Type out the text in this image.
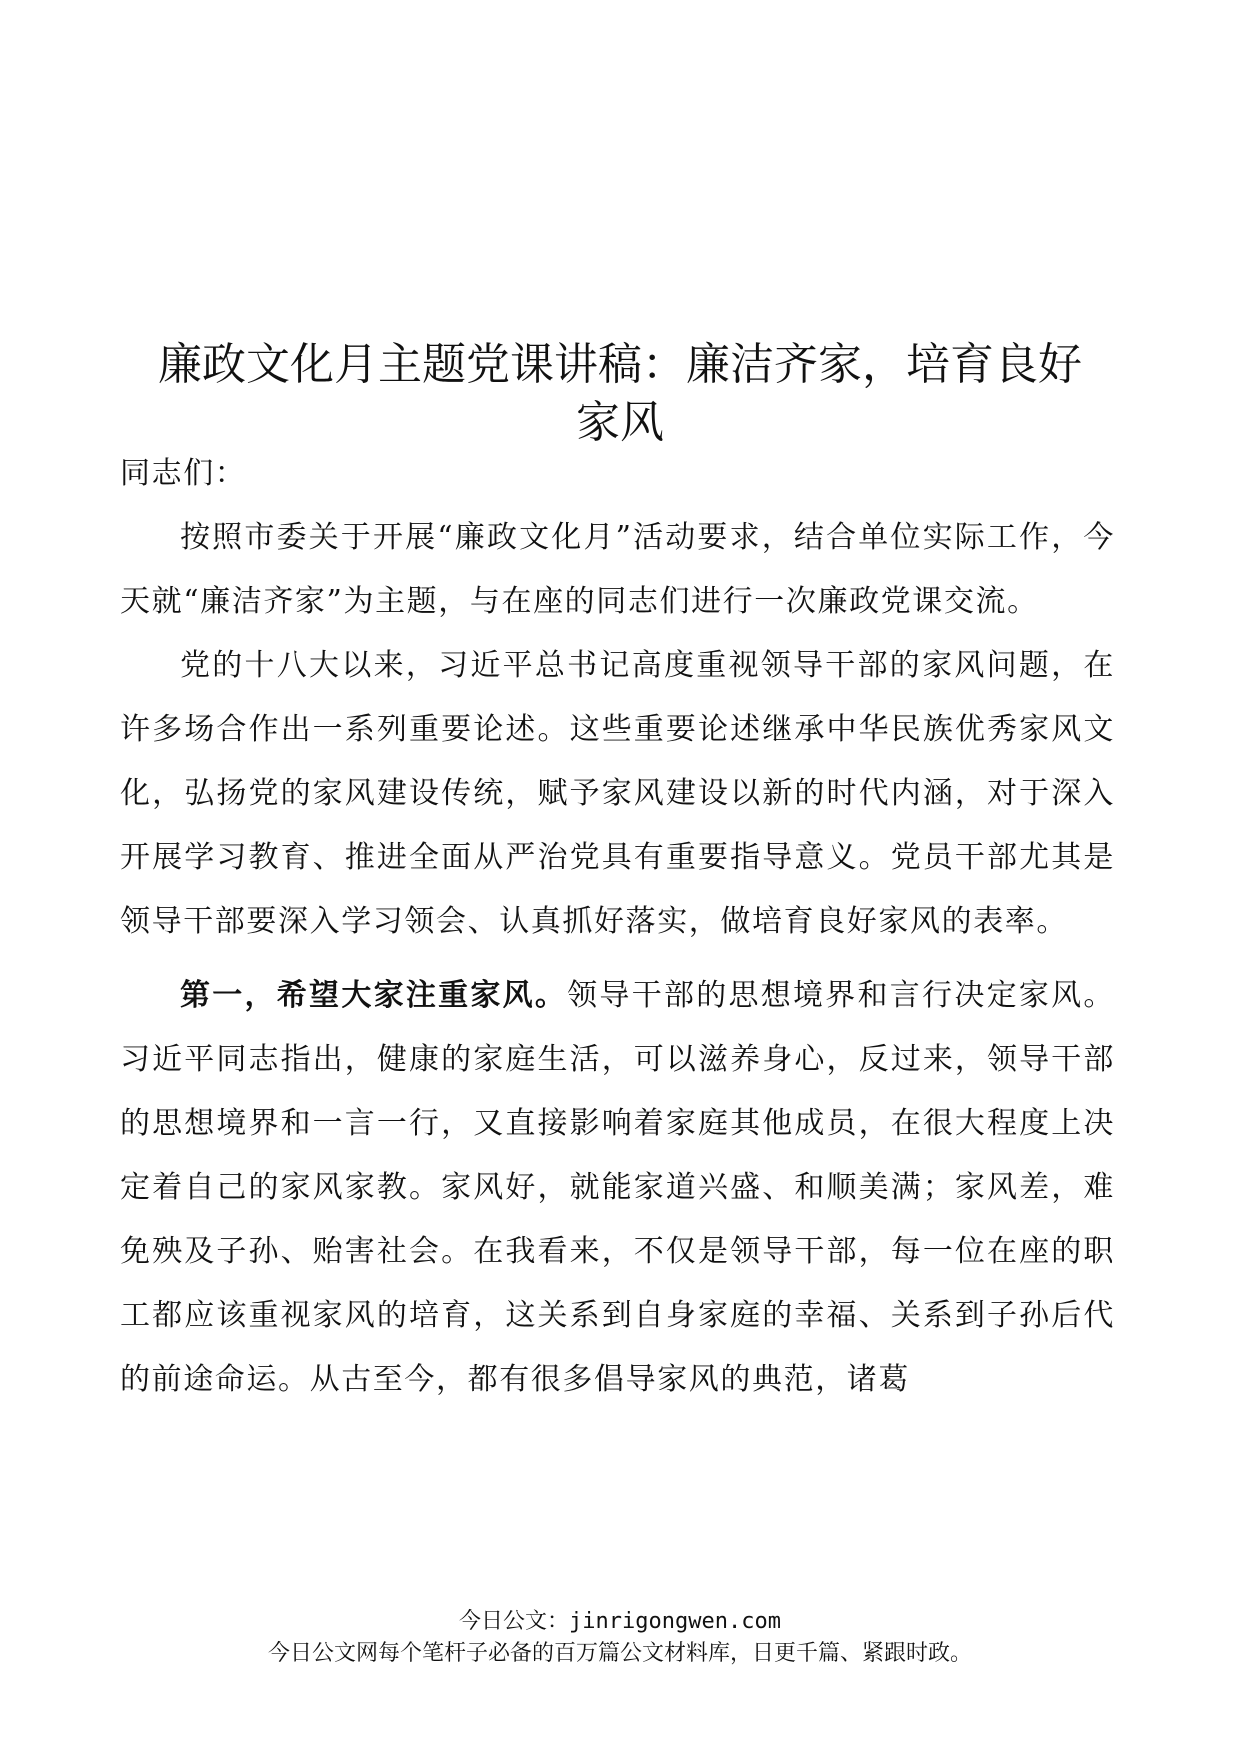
廉政文化月主题党课讲稿：廉洁齐家，培育良好
家风

同志们：

按照市委关于开展“廉政文化月”活动要求，结合单位实际工作，今天就“廉洁齐家”为主题，与在座的同志们进行一次廉政党课交流。

党的十八大以来，习近平总书记高度重视领导干部的家风问题，在许多场合作出一系列重要论述。这些重要论述继承中华民族优秀家风文化，弘扬党的家风建设传统，赋予家风建设以新的时代内涵，对于深入开展学习教育、推进全面从严治党具有重要指导意义。党员干部尤其是领导干部要深入学习领会、认真抓好落实，做培育良好家风的表率。

第一，希望大家注重家风。领导干部的思想境界和言行决定家风。习近平同志指出，健康的家庭生活，可以滋养身心，反过来，领导干部的思想境界和一言一行，又直接影响着家庭其他成员，在很大程度上决定着自己的家风家教。家风好，就能家道兴盛、和顺美满；家风差，难免殃及子孙、贻害社会。在我看来，不仅是领导干部，每一位在座的职工都应该重视家风的培育，这关系到自身家庭的幸福、关系到子孙后代的前途命运。从古至今，都有很多倡导家风的典范，诸葛

今日公文：jinrigongwen.com
今日公文网每个笔杆子必备的百万篇公文材料库，日更千篇、紧跟时政。
